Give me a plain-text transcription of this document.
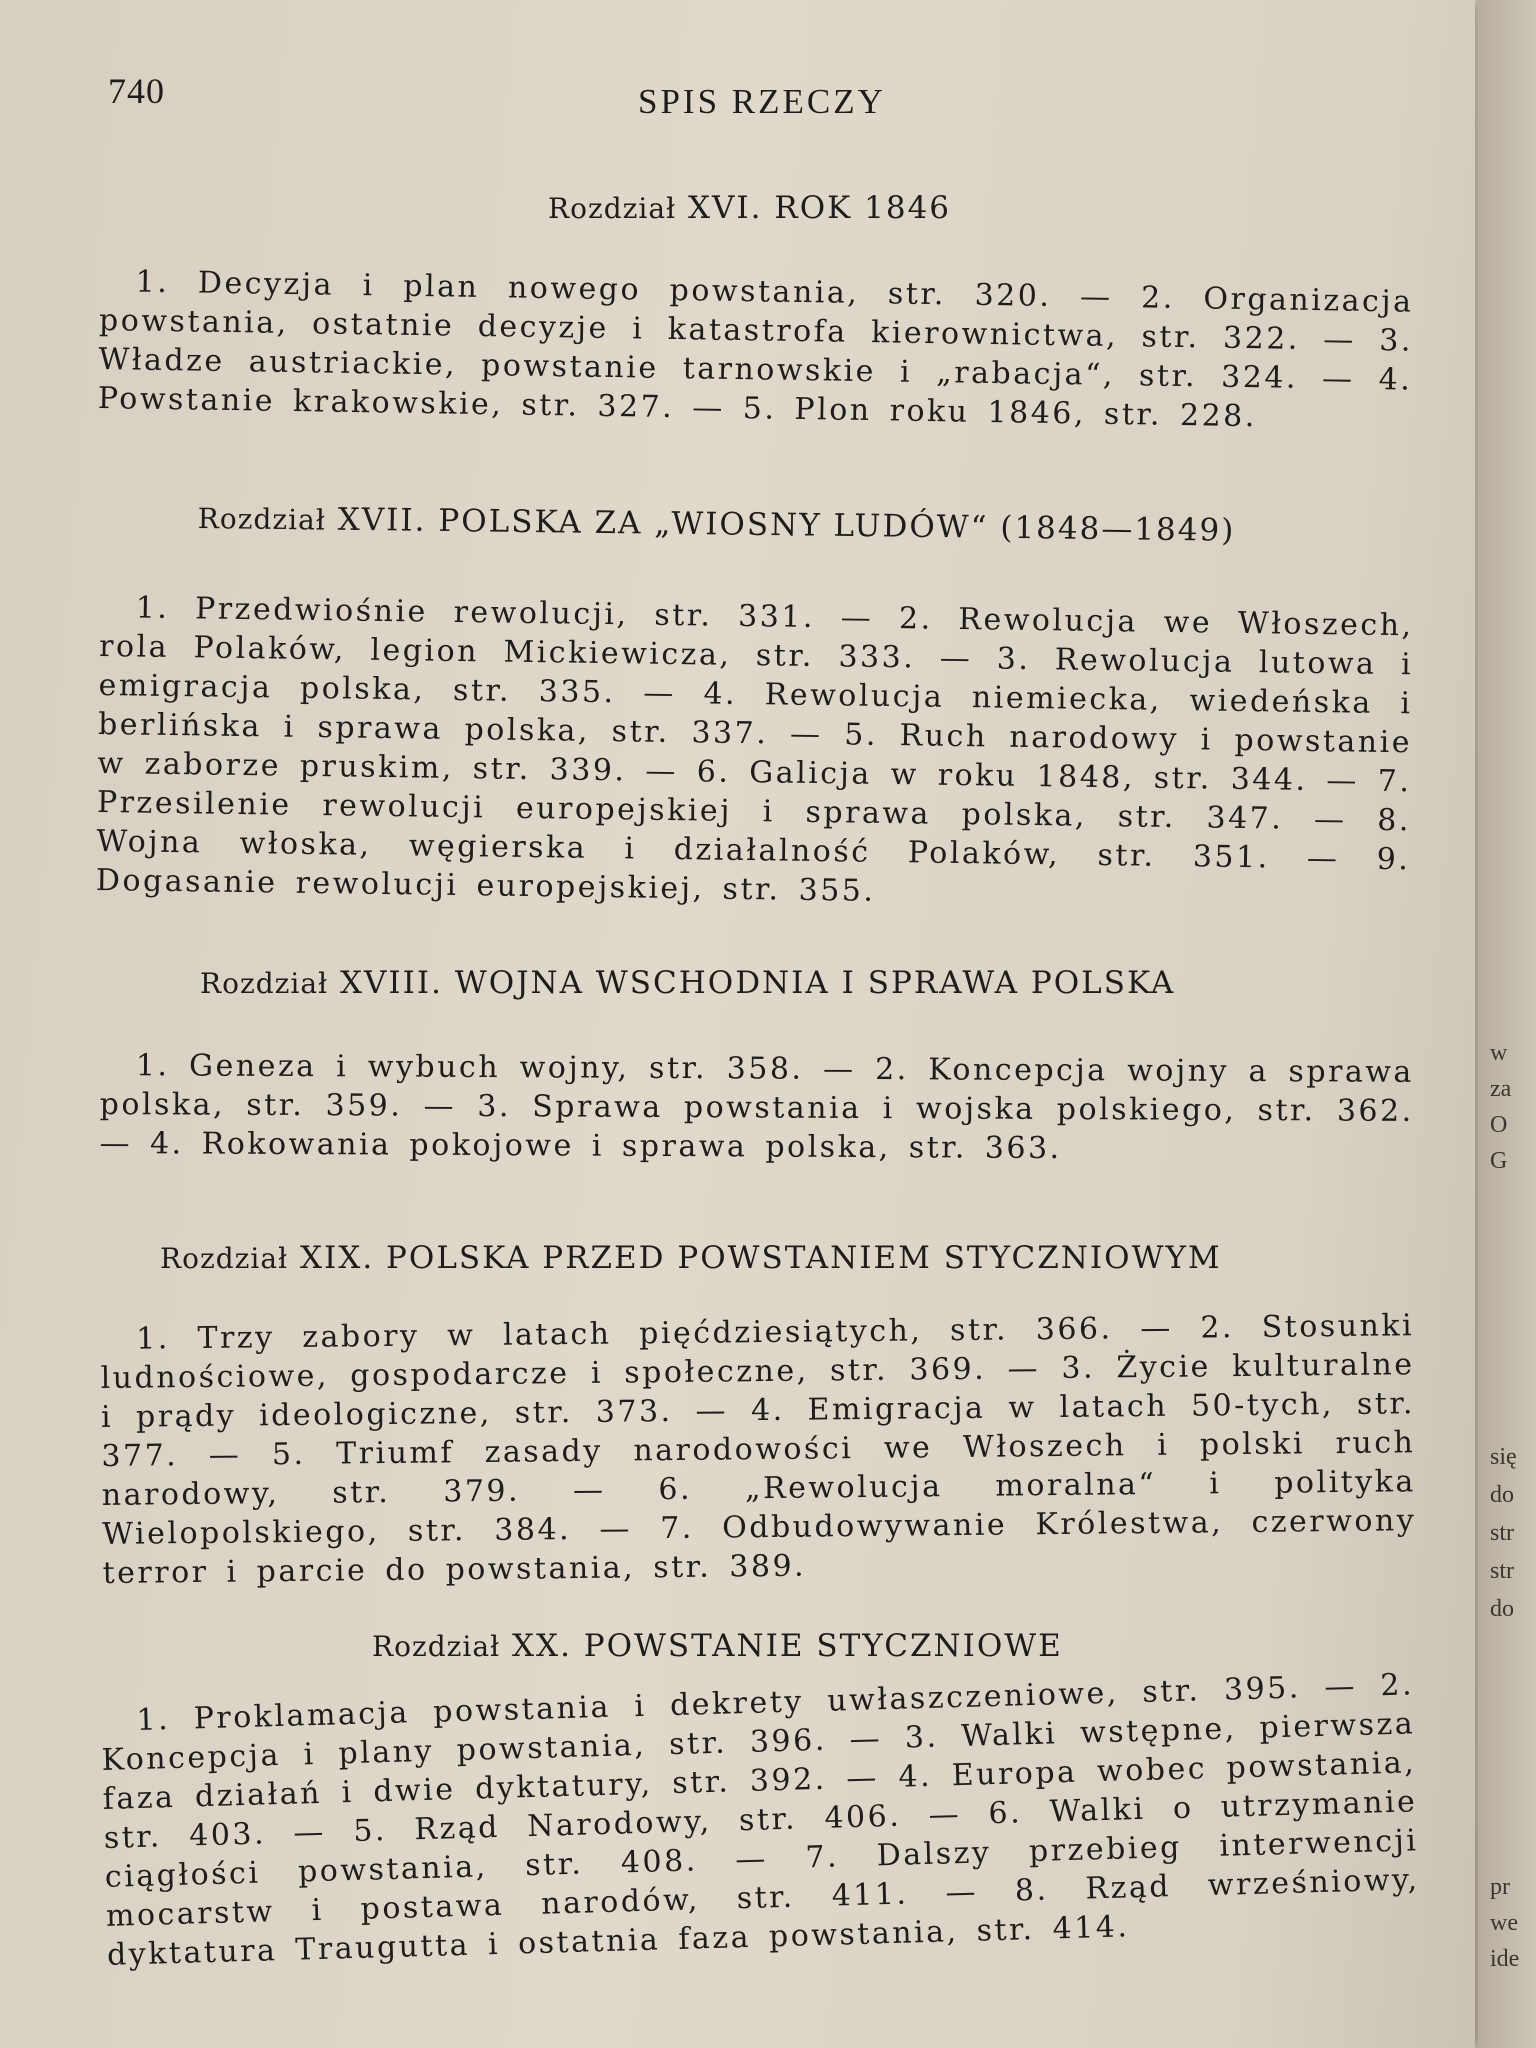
740	SPIS RZECZY
Rozdział XVI. ROK 1846
1. Decyzja i plan nowego powstania, str. 320. — 2. Organizacja powstania, ostatnie decyzje i katastrofa kierownictwa, str. 322. — 3. Władze austriackie, powstanie tarnowskie i „rabacja“, str. 324. — 4. Powstanie krakowskie, str. 327. — 5. Plon roku 1846, str. 228.
Rozdział XVII. POLSKA ZA „WIOSNY LUDÓW“ (1848—1849)
1. Przedwiośnie rewolucji, str. 331. — 2. Rewolucja we Włoszech, rola Polaków, legion Mickiewicza, str. 333. — 3. Rewolucja lutowa i emigracja polska, str. 335. — 4. Rewolucja niemiecka, wiedeńska i berlińska i sprawa polska, str. 337. — 5. Ruch narodowy i powstanie w zaborze pruskim, str. 339. — 6. Galicja w roku 1848, str. 344. — 7. Przesilenie rewolucji europejskiej i sprawa polska, str. 347. — 8. Wojna włoska, węgierska i działalność Polaków, str. 351. — 9. Dogasanie rewolucji europejskiej, str. 355.
Rozdział XVIII. WOJNA WSCHODNIA I SPRAWA POLSKA
1. Geneza i wybuch wojny, str. 358. — 2. Koncepcja wojny a sprawa polska, str. 359. — 3. Sprawa powstania i wojska polskiego, str. 362. — 4. Rokowania pokojowe i sprawa polska, str. 363.
Rozdział XIX. POLSKA PRZED POWSTANIEM STYCZNIOWYM
1. Trzy zabory w latach pięćdziesiątych, str. 366. — 2. Stosunki ludnościowe, gospodarcze i społeczne, str. 369. — 3. Życie kulturalne i prądy ideologiczne, str. 373. — 4. Emigracja w latach 50-tych, str. 377. — 5. Triumf zasady narodowości we Włoszech i polski ruch narodowy, str. 379. — 6. „Rewolucja moralna“ i polityka Wielopolskiego, str. 384. — 7. Odbudowywanie Królestwa, czerwony terror i parcie do powstania, str. 389.
Rozdział XX. POWSTANIE STYCZNIOWE
1. Proklamacja powstania i dekrety uwłaszczeniowe, str. 395. — 2. Koncepcja i plany powstania, str. 396. — 3. Walki wstępne, pierwsza faza działań i dwie dyktatury, str. 392. — 4. Europa wobec powstania, str. 403. — 5. Rząd Narodowy, str. 406. — 6. Walki o utrzymanie ciągłości powstania, str. 408. — 7. Dalszy przebieg interwencji mocarstw i postawa narodów, str. 411. — 8. Rząd wrześniowy, dyktatura Traugutta i ostatnia faza powstania, str. 414.
w
za
O
G
się
do
str
str
do
pr
we
ide
